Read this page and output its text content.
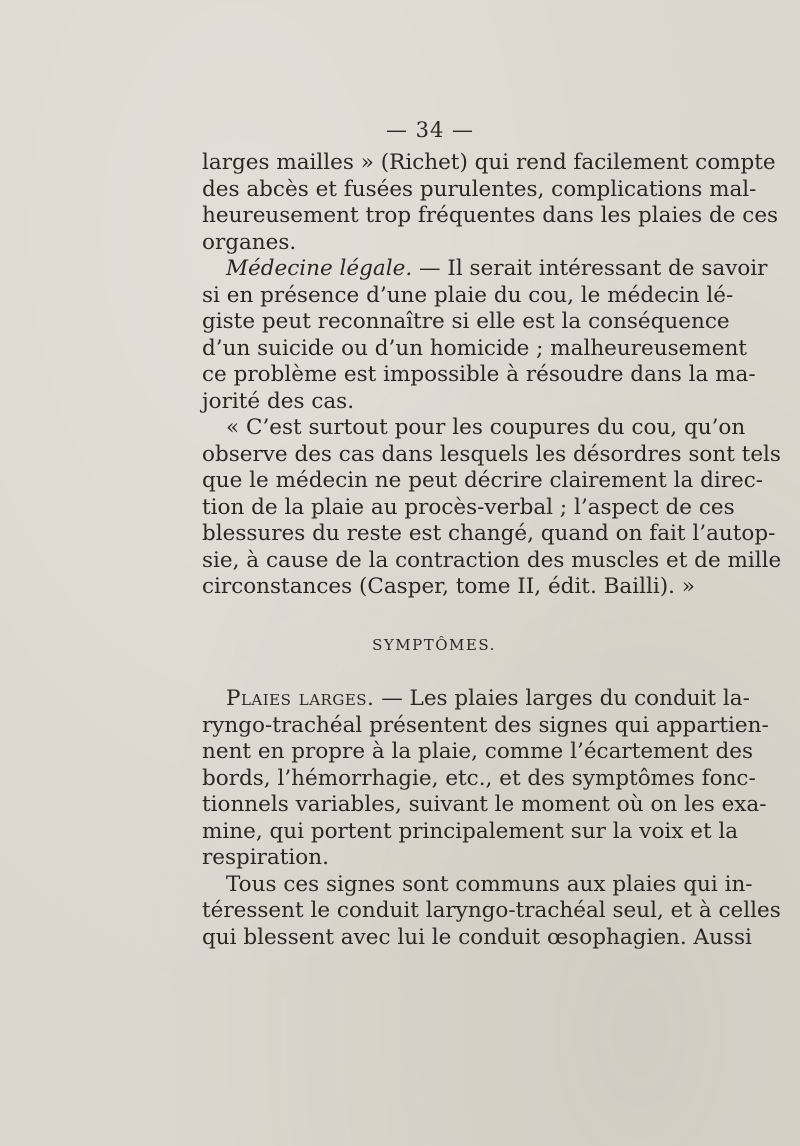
— 34 —
larges mailles » (Richet) qui rend facilement compte
des abcès et fusées purulentes, complications mal-
heureusement trop fréquentes dans les plaies de ces
organes.
Médecine légale. — Il serait intéressant de savoir
si en présence d’une plaie du cou, le médecin lé-
giste peut reconnaître si elle est la conséquence
d’un suicide ou d’un homicide ; malheureusement
ce problème est impossible à résoudre dans la ma-
jorité des cas.
« C’est surtout pour les coupures du cou, qu’on
observe des cas dans lesquels les désordres sont tels
que le médecin ne peut décrire clairement la direc-
tion de la plaie au procès-verbal ; l’aspect de ces
blessures du reste est changé, quand on fait l’autop-
sie, à cause de la contraction des muscles et de mille
circonstances (Casper, tome II, édit. Bailli). »
SYMPTÔMES.
Plaies larges. — Les plaies larges du conduit la-
ryngo-trachéal présentent des signes qui appartien-
nent en propre à la plaie, comme l’écartement des
bords, l’hémorrhagie, etc., et des symptômes fonc-
tionnels variables, suivant le moment où on les exa-
mine, qui portent principalement sur la voix et la
respiration.
Tous ces signes sont communs aux plaies qui in-
téressent le conduit laryngo-trachéal seul, et à celles
qui blessent avec lui le conduit œsophagien. Aussi
